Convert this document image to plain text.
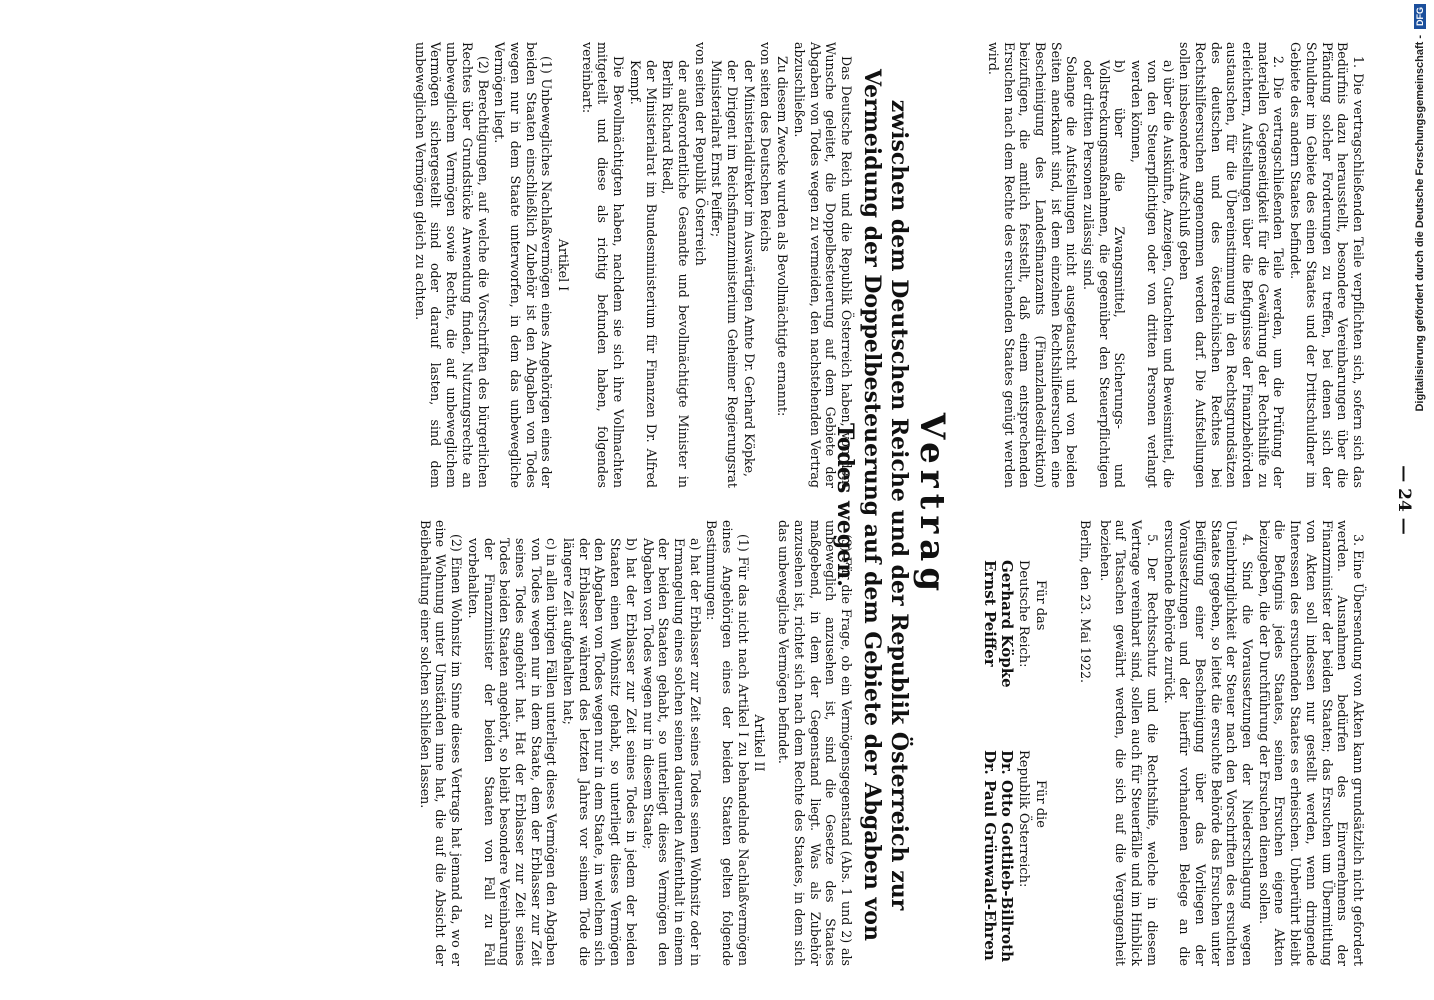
— 24 —

1. Die vertragschließenden Teile verpflichten sich, sofern sich das Bedürfnis dazu herausstellt, besondere Vereinbarungen über die Pfändung solcher Forderungen zu treffen, bei denen sich der Schuldner im Gebiete des einen Staates und der Drittschuldner im Gebiete des andern Staates befindet.

2. Die vertragschließenden Teile werden, um die Prüfung der materiellen Gegenseitigkeit für die Gewährung der Rechtshilfe zu erleichtern, Aufstellungen über die Befugnisse der Finanzbehörden austauschen, für die Übereinstimmung in den Rechtsgrundsätzen des deutschen und des österreichischen Rechtes bei Rechtshilfeersuchen angenommen werden darf. Die Aufstellungen sollen insbesondere Aufschluß geben

a) über die Auskünfte, Anzeigen, Gutachten und Beweismittel, die von den Steuerpflichtigen oder von dritten Personen verlangt werden können,

b) über die Zwangsmittel, Sicherungs- und Vollstreckungsmaßnahmen, die gegenüber den Steuerpflichtigen oder dritten Personen zulässig sind.

Solange die Aufstellungen nicht ausgetauscht und von beiden Seiten anerkannt sind, ist dem einzelnen Rechtshilfeersuchen eine Bescheinigung des Landesfinanzamts (Finanzlandesdirektion) beizufügen, die amtlich feststellt, daß einem entsprechenden Ersuchen nach dem Rechte des ersuchenden Staates genügt werden wird.

3. Eine Übersendung von Akten kann grundsätzlich nicht gefordert werden. Ausnahmen bedürfen des Einvernehmens der Finanzminister der beiden Staaten; das Ersuchen um Übermittlung von Akten soll indessen nur gestellt werden, wenn dringende Interessen des ersuchenden Staates es erheischen. Unberührt bleibt die Befugnis jedes Staates, seinen Ersuchen eigene Akten beizugeben, die der Durchführung der Ersuchen dienen sollen.

4. Sind die Voraussetzungen der Niederschlagung wegen Uneinbringlichkeit der Steuer nach den Vorschriften des ersuchten Staates gegeben, so leitet die ersuchte Behörde das Ersuchen unter Beifügung einer Bescheinigung über das Vorliegen der Voraussetzungen und der hierfür vorhandenen Belege an die ersuchende Behörde zurück.

5. Der Rechtsschutz und die Rechtshilfe, welche in diesem Vertrage vereinbart sind, sollen auch für Steuerfälle und im Hinblick auf Tatsachen gewährt werden, die sich auf die Vergangenheit beziehen.

Berlin, den 23. Mai 1922.

Für das
Deutsche Reich:
Gerhard Köpke
Ernst Peiffer
Für die
Republik Österreich:
Dr. Otto Gottlieb-Billroth
Dr. Paul Grünwald-Ehren
Vertrag
zwischen dem Deutschen Reiche und der Republik Österreich zur Vermeidung der Doppelbesteuerung auf dem Gebiete der Abgaben von Todes wegen.

Das Deutsche Reich und die Republik Österreich haben, von dem Wunsche geleitet, die Doppelbesteuerung auf dem Gebiete der Abgaben von Todes wegen zu vermeiden, den nachstehenden Vertrag abzuschließen.

Zu diesem Zwecke wurden als Bevollmächtigte ernannt:

von seiten des Deutschen Reichs

der Ministerialdirektor im Auswärtigen Amte Dr. Gerhard Köpke,

der Dirigent im Reichsfinanzministerium Geheimer Regierungsrat Ministerialrat Ernst Peiffer;

von seiten der Republik Österreich

der außerordentliche Gesandte und bevollmächtigte Minister in Berlin Richard Riedl,

der Ministerialrat im Bundesministerium für Finanzen Dr. Alfred Kempf.

Die Bevollmächtigten haben, nachdem sie sich ihre Vollmachten mitgeteilt und diese als richtig befunden haben, folgendes vereinbart:

Artikel I

(1) Unbewegliches Nachlaßvermögen eines Angehörigen eines der beiden Staaten einschließlich Zubehör ist den Abgaben von Todes wegen nur in dem Staate unterworfen, in dem das unbewegliche Vermögen liegt.

(2) Berechtigungen, auf welche die Vorschriften des bürgerlichen Rechtes über Grundstücke Anwendung finden, Nutzungsrechte an unbeweglichem Vermögen sowie Rechte, die auf unbeweglichem Vermögen sichergestellt sind oder darauf lasten, sind dem unbeweglichen Vermögen gleich zu achten.

(3) Für die Frage, ob ein Vermögensgegenstand (Abs. 1 und 2) als unbeweglich anzusehen ist, sind die Gesetze des Staates maßgebend, in dem der Gegenstand liegt. Was als Zubehör anzusehen ist, richtet sich nach dem Rechte des Staates, in dem sich das unbewegliche Vermögen befindet.

Artikel II

(1) Für das nicht nach Artikel I zu behandelnde Nachlaßvermögen eines Angehörigen eines der beiden Staaten gelten folgende Bestimmungen:

a) hat der Erblasser zur Zeit seines Todes seinen Wohnsitz oder in Ermangelung eines solchen seinen dauernden Aufenthalt in einem der beiden Staaten gehabt, so unterliegt dieses Vermögen den Abgaben von Todes wegen nur in diesem Staate;

b) hat der Erblasser zur Zeit seines Todes in jedem der beiden Staaten einen Wohnsitz gehabt, so unterliegt dieses Vermögen den Abgaben von Todes wegen nur in dem Staate, in welchem sich der Erblasser während des letzten Jahres vor seinem Tode die längere Zeit aufgehalten hat;

c) in allen übrigen Fällen unterliegt dieses Vermögen den Abgaben von Todes wegen nur in dem Staate, dem der Erblasser zur Zeit seines Todes angehört hat. Hat der Erblasser zur Zeit seines Todes beiden Staaten angehört, so bleibt besondere Vereinbarung der Finanzminister der beiden Staaten von Fall zu Fall vorbehalten.

(2) Einen Wohnsitz im Sinne dieses Vertrags hat jemand da, wo er eine Wohnung unter Umständen inne hat, die auf die Absicht der Beibehaltung einer solchen schließen lassen.

Digitalisierung gefördert durch die Deutsche Forschungsgemeinschaft -
DFG
